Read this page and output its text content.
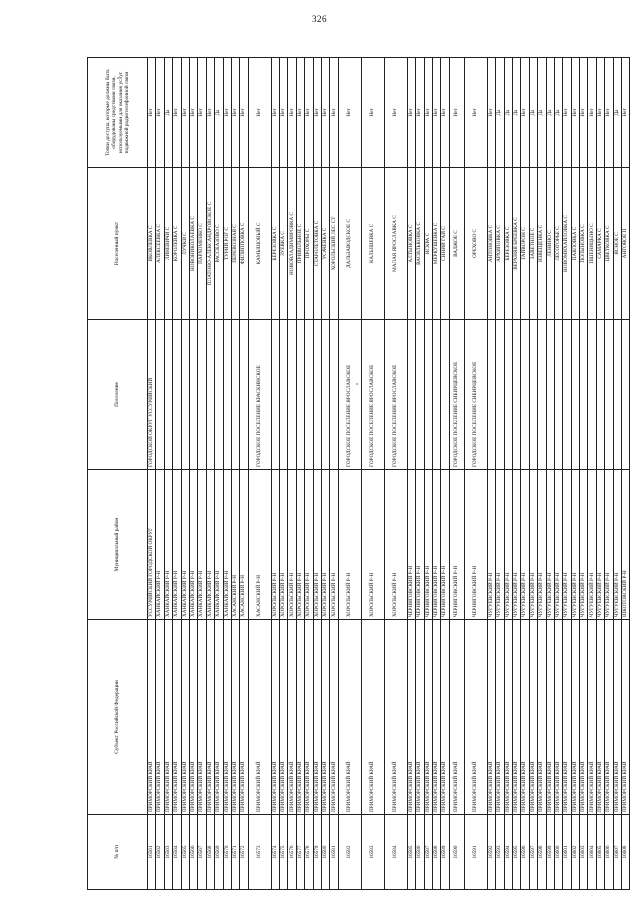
326
№ п/п	Субъект Российской Федерации	Муниципальный район	Поселение	Населенный пункт	Точки доступа, которые должны быть оборудованы средствами связи, используемыми для оказания услуг подвижной радиотелефонной связи
16561	ПРИМОРСКИЙ КРАЙ	УССУРИЙСКИЙ ГОРОДСКОЙ ОКРУГ	ГОРОДСКОЙ ОКРУГ УССУРИЙСКИЙ	ЯКОВЛЕВКА С	Нет
16562	ПРИМОРСКИЙ КРАЙ	ХАНКАЙСКИЙ Р-Н		АЛЕКСЕЕВКА С	Нет
16563	ПРИМОРСКИЙ КРАЙ	ХАНКАЙСКИЙ Р-Н		ЛИНЕВИЧИ С	Да
16564	ПРИМОРСКИЙ КРАЙ	ХАНКАЙСКИЙ Р-Н		КОРОЛЕВКА С	Нет
16565	ПРИМОРСКИЙ КРАЙ	ХАНКАЙСКИЙ Р-Н		ЛУЧКИ С	Нет
16566	ПРИМОРСКИЙ КРАЙ	ХАНКАЙСКИЙ Р-Н		НОВОНИКОЛАЕВКА С	Нет
16567	ПРИМОРСКИЙ КРАЙ	ХАНКАЙСКИЙ Р-Н		ПАРХОМЕНКО С	Нет
16568	ПРИМОРСКИЙ КРАЙ	ХАНКАЙСКИЙ Р-Н		ПЛАТОНО-АЛЕКСАНДРОВСКОЕ С	Нет
16569	ПРИМОРСКИЙ КРАЙ	ХАНКАЙСКИЙ Р-Н		РАССКАЗОВО С	Да
16570	ПРИМОРСКИЙ КРАЙ	ХАНКАЙСКИЙ Р-Н		ТУРИЙ РОГ С	Нет
16571	ПРИМОРСКИЙ КРАЙ	ХАСАНСКИЙ Р-Н		ПЕРЕВОЗНАЯ С	Нет
16572	ПРИМОРСКИЙ КРАЙ	ХАСАНСКИЙ Р-Н		ФИЛИППОВКА С	Нет
16573	ПРИМОРСКИЙ КРАЙ	ХАСАНСКИЙ Р-Н	ГОРОДСКОЕ ПОСЕЛЕНИЕ КРАСКИНСКОЕ	КАМЫШОВЫЙ С	Нет
16574	ПРИМОРСКИЙ КРАЙ	ХОРОЛЬСКИЙ Р-Н		БЕРЕЗОВКА С	Нет
16575	ПРИМОРСКИЙ КРАЙ	ХОРОЛЬСКИЙ Р-Н		ЗУЕВКА С	Нет
16576	ПРИМОРСКИЙ КРАЙ	ХОРОЛЬСКИЙ Р-Н		НОВОВЛАДИМИРОВКА С	Нет
16577	ПРИМОРСКИЙ КРАЙ	ХОРОЛЬСКИЙ Р-Н		ПРИВОЛЬНОЕ С	Нет
16578	ПРИМОРСКИЙ КРАЙ	ХОРОЛЬСКИЙ Р-Н		ПРОХОРЫ С	Нет
16579	ПРИМОРСКИЙ КРАЙ	ХОРОЛЬСКИЙ Р-Н		СТАРОЛЕТОВКА С	Нет
16580	ПРИМОРСКИЙ КРАЙ	ХОРОЛЬСКИЙ Р-Н		УСАЧЕВКА С	Нет
16581	ПРИМОРСКИЙ КРАЙ	ХОРОЛЬСКИЙ Р-Н		ХОРОЛЬСКИЙ ЛЕС СТ	Нет
16582	ПРИМОРСКИЙ КРАЙ	ХОРОЛЬСКИЙ Р-Н	ГОРОДСКОЕ ПОСЕЛЕНИЕ ЯРОСЛАВСКОЕ	ДАЛЬЗАВОДСКОЕ С	Нет
16583	ПРИМОРСКИЙ КРАЙ	ХОРОЛЬСКИЙ Р-Н	ГОРОДСКОЕ ПОСЕЛЕНИЕ ЯРОСЛАВСКОЕ	КАЛЫШЕВКА С	Нет
16584	ПРИМОРСКИЙ КРАЙ	ХОРОЛЬСКИЙ Р-Н	ГОРОДСКОЕ ПОСЕЛЕНИЕ ЯРОСЛАВСКОЕ	МАЛАЯ ЯРОСЛАВКА С	Нет
16585	ПРИМОРСКИЙ КРАЙ	ЧЕРНИГОВСКИЙ Р-Н		АЛТЫНОВКА С	Нет
16586	ПРИМОРСКИЙ КРАЙ	ЧЕРНИГОВСКИЙ Р-Н		ВАСИЛЬКОВКА С	Нет
16587	ПРИМОРСКИЙ КРАЙ	ЧЕРНИГОВСКИЙ Р-Н		ИСКРА С	Нет
16588	ПРИМОРСКИЙ КРАЙ	ЧЕРНИГОВСКИЙ Р-Н		МЕРКУШЕВКА С	Нет
16589	ПРИМОРСКИЙ КРАЙ	ЧЕРНИГОВСКИЙ Р-Н		СИНИЙ ГАЙ С	Нет
16590	ПРИМОРСКИЙ КРАЙ	ЧЕРНИГОВСКИЙ Р-Н	ГОРОДСКОЕ ПОСЕЛЕНИЕ СИБИРЦЕВСКОЕ	ВАДЖОЕ С	Нет
16591	ПРИМОРСКИЙ КРАЙ	ЧЕРНИГОВСКИЙ Р-Н	ГОРОДСКОЕ ПОСЕЛЕНИЕ СИБИРЦЕВСКОЕ	ОРЕХОВО С	Нет
16592	ПРИМОРСКИЙ КРАЙ	ЧУГУЕВСКИЙ Р-Н		АНТОНОВКА С	Нет
16593	ПРИМОРСКИЙ КРАЙ	ЧУГУЕВСКИЙ Р-Н		АРХИПОВКА С	Да
16594	ПРИМОРСКИЙ КРАЙ	ЧУГУЕВСКИЙ Р-Н		БЕРЕЗОВКА С	Да
16595	ПРИМОРСКИЙ КРАЙ	ЧУГУЕВСКИЙ Р-Н		ВЕРХНЯЯ БРЕЕВКА С	Да
16596	ПРИМОРСКИЙ КРАЙ	ЧУГУЕВСКИЙ Р-Н		ГАЙВОРОН С	Нет
16597	ПРИМОРСКИЙ КРАЙ	ЧУГУЕВСКИЙ Р-Н		ЗАВЕТНОЕ С	Да
16598	ПРИМОРСКИЙ КРАЙ	ЧУГУЕВСКИЙ Р-Н		ИЗВЕЩЕНКА С	Да
16599	ПРИМОРСКИЙ КРАЙ	ЧУГУЕВСКИЙ Р-Н		ЛЕНИНО С	Да
16600	ПРИМОРСКИЙ КРАЙ	ЧУГУЕВСКИЙ Р-Н		ЛЕСОГОРЬЕ С	Да
16601	ПРИМОРСКИЙ КРАЙ	ЧУГУЕВСКИЙ Р-Н		НОВОМИХАЙЛОВКА С	Нет
16602	ПРИМОРСКИЙ КРАЙ	ЧУГУЕВСКИЙ Р-Н		ПАВЛОВКА С	Нет
16603	ПРИМОРСКИЙ КРАЙ	ЧУГУЕВСКИЙ Р-Н		ПОЛЫНОВКА С	Нет
16604	ПРИМОРСКИЙ КРАЙ	ЧУГУЕВСКИЙ Р-Н		ПШЕНИЦЫНО С	Нет
16605	ПРИМОРСКИЙ КРАЙ	ЧУГУЕВСКИЙ Р-Н		САМАРКА С	Нет
16606	ПРИМОРСКИЙ КРАЙ	ЧУГУЕВСКИЙ Р-Н		ЦВЕТКОВКА С	Нет
16607	ПРИМОРСКИЙ КРАЙ	ЧУГУЕВСКИЙ Р-Н		ЯСНОЕ С	Да
16608	ПРИМОРСКИЙ КРАЙ	ШКОТОВСКИЙ Р-Н		АНГОВОЕ П	Нет
